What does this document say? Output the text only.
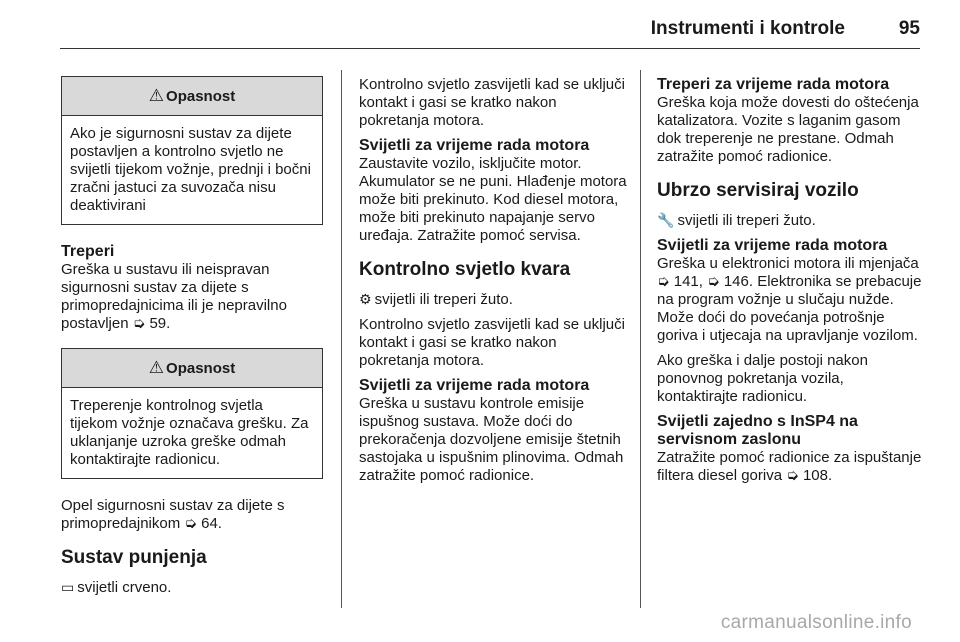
Instrumenti i kontrole	95
⚠ Opasnost
Ako je sigurnosni sustav za dijete postavljen a kontrolno svjetlo ne svijetli tijekom vožnje, prednji i bočni zračni jastuci za suvozača nisu deaktivirani
Treperi

Greška u sustavu ili neispravan sigurnosni sustav za dijete s primopredajnicima ili je nepravilno postavljen ➭ 59.

⚠ Opasnost
Treperenje kontrolnog svjetla tijekom vožnje označava grešku. Za uklanjanje uzroka greške odmah kontaktirajte radionicu.

Opel sigurnosni sustav za dijete s primopredajnikom ➭ 64.

Sustav punjenja

▭ svijetli crveno.

Kontrolno svjetlo zasvijetli kad se uključi kontakt i gasi se kratko nakon pokretanja motora.

Svijetli za vrijeme rada motora

Zaustavite vozilo, isključite motor. Akumulator se ne puni. Hlađenje motora može biti prekinuto. Kod diesel motora, može biti prekinuto napajanje servo uređaja. Zatražite pomoć servisa.

Kontrolno svjetlo kvara

⚙ svijetli ili treperi žuto.

Kontrolno svjetlo zasvijetli kad se uključi kontakt i gasi se kratko nakon pokretanja motora.

Svijetli za vrijeme rada motora

Greška u sustavu kontrole emisije ispušnog sustava. Može doći do prekoračenja dozvoljene emisije štetnih sastojaka u ispušnim plinovima. Odmah zatražite pomoć radionice.

Treperi za vrijeme rada motora

Greška koja može dovesti do oštećenja katalizatora. Vozite s laganim gasom dok treperenje ne prestane. Odmah zatražite pomoć radionice.

Ubrzo servisiraj vozilo

🔧 svijetli ili treperi žuto.

Svijetli za vrijeme rada motora

Greška u elektronici motora ili mjenjača ➭ 141, ➭ 146. Elektronika se prebacuje na program vožnje u slučaju nužde. Može doći do povećanja potrošnje goriva i utjecaja na upravljanje vozilom.

Ako greška i dalje postoji nakon ponovnog pokretanja vozila, kontaktirajte radionicu.

Svijetli zajedno s InSP4 na servisnom zaslonu

Zatražite pomoć radionice za ispuštanje filtera diesel goriva ➭ 108.

carmanualsonline.info
